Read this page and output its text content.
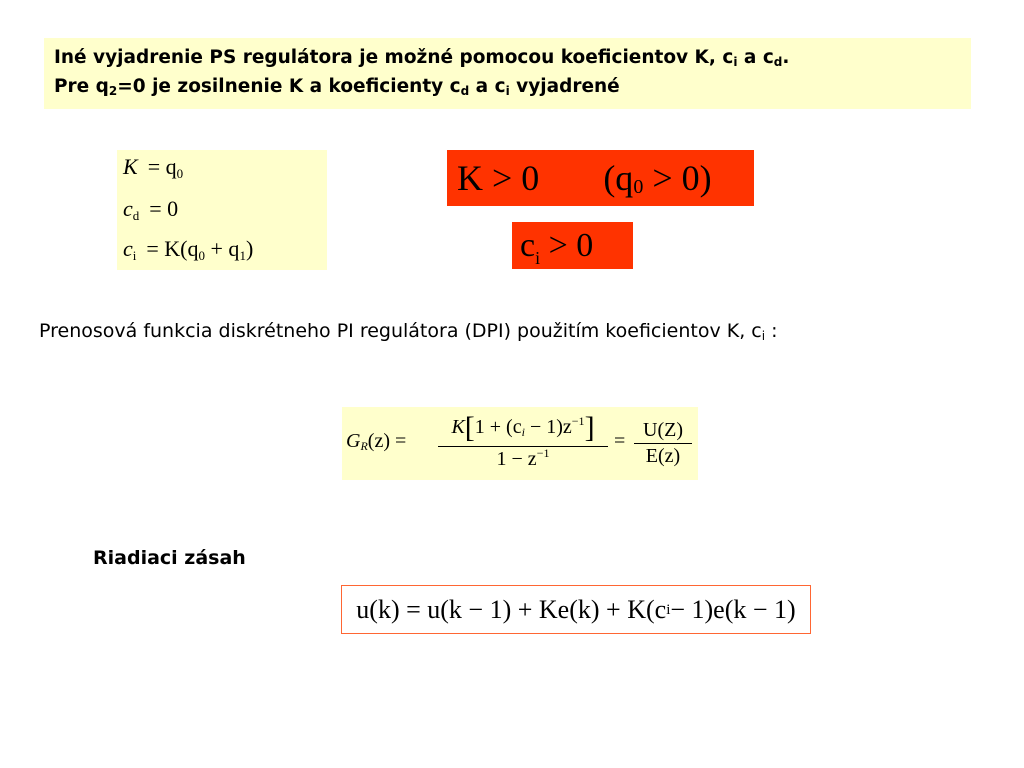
Iné vyjadrenie PS regulátora je možné pomocou koeficientov K, $c_i$ a $c_d$.
Pre $q_2=0$ je zosilnenie K a koeficienty $c_d$ a $c_i$ vyjadrené
$K = q_0$
$c_d = 0$
$c_i = K(q_0 + q_1)$
K > 0 $(q_0 > 0)$
$c_i > 0$
Prenosová funkcia diskrétneho PI regulátora (DPI) použitím koeficientov K, $c_i$ :
$G_R(z)$ =
$K[1 + (c_i - 1)z^{-1}]$
$1 - z^{-1}$
= U(Z)
E(z)
Riadiaci zásah
u(k) = u(k − 1) + Ke(k) + K(c i − 1)e(k − 1)
